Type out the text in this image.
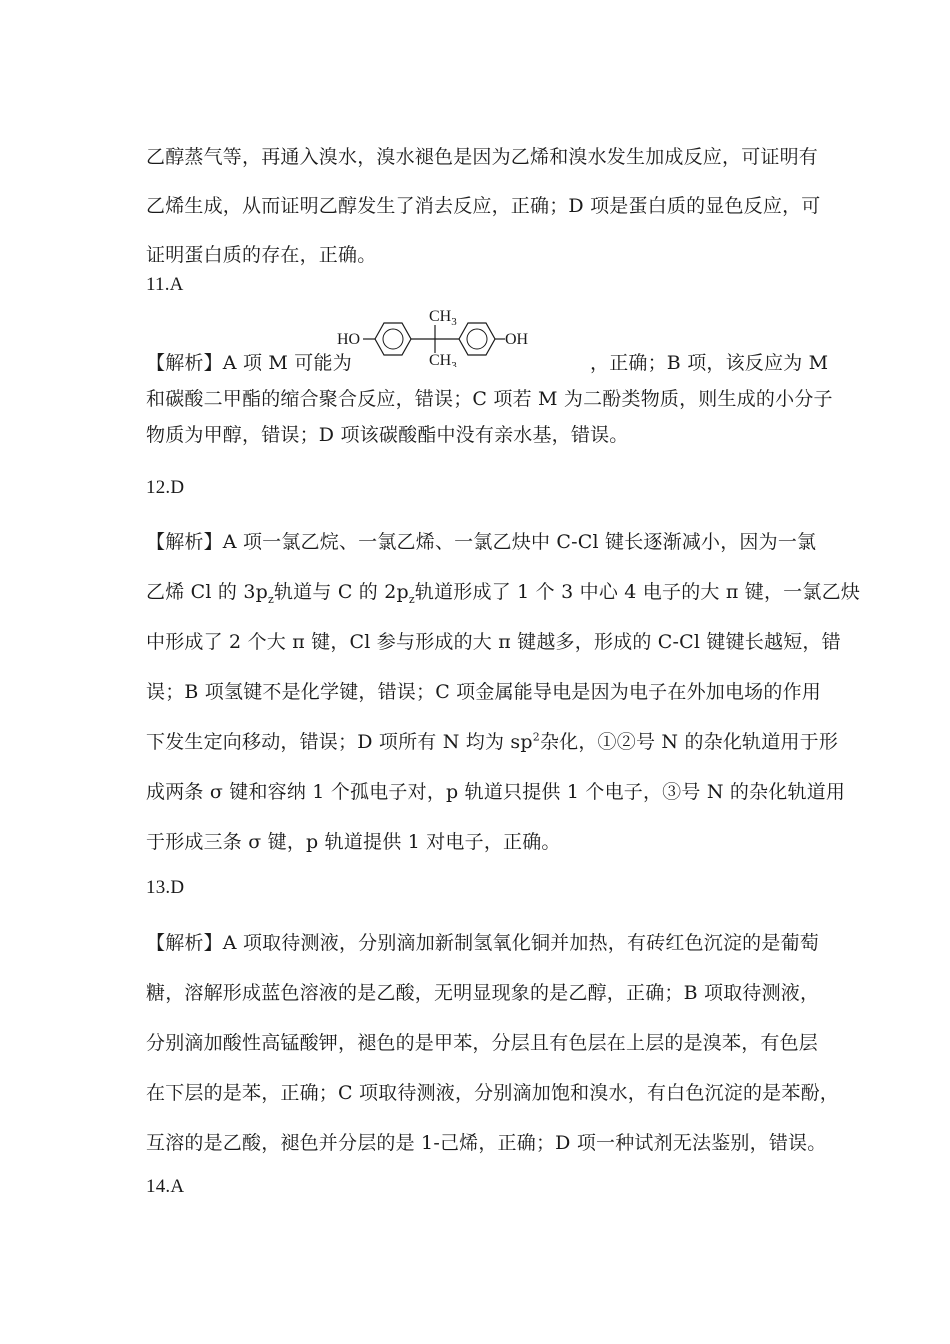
乙醇蒸气等，再通入溴水，溴水褪色是因为乙烯和溴水发生加成反应，可证明有
乙烯生成，从而证明乙醇发生了消去反应，正确；D 项是蛋白质的显色反应，可
证明蛋白质的存在，正确。
11.A
HO
$CH_3$
$CH_3$
OH
【解析】A 项 M 可能为	，正确；B 项，该反应为 M
和碳酸二甲酯的缩合聚合反应，错误；C 项若 M 为二酚类物质，则生成的小分子
物质为甲醇，错误；D 项该碳酸酯中没有亲水基，错误。
12.D
【解析】A 项一氯乙烷、一氯乙烯、一氯乙炔中 C-Cl 键长逐渐减小，因为一氯
乙烯 Cl 的 $3p_z$轨道与 C 的 $2p_z$轨道形成了 1 个 3 中心 4 电子的大 π 键，一氯乙炔
中形成了 2 个大 π 键，Cl 参与形成的大 π 键越多，形成的 C-Cl 键键长越短，错
误；B 项氢键不是化学键，错误；C 项金属能导电是因为电子在外加电场的作用
下发生定向移动，错误；D 项所有 N 均为 $sp^2$杂化，①②号 N 的杂化轨道用于形
成两条 σ 键和容纳 1 个孤电子对，p 轨道只提供 1 个电子，③号 N 的杂化轨道用
于形成三条 σ 键，p 轨道提供 1 对电子，正确。
13.D
【解析】A 项取待测液，分别滴加新制氢氧化铜并加热，有砖红色沉淀的是葡萄
糖，溶解形成蓝色溶液的是乙酸，无明显现象的是乙醇，正确；B 项取待测液，
分别滴加酸性高锰酸钾，褪色的是甲苯，分层且有色层在上层的是溴苯，有色层
在下层的是苯，正确；C 项取待测液，分别滴加饱和溴水，有白色沉淀的是苯酚，
互溶的是乙酸，褪色并分层的是 1-己烯，正确；D 项一种试剂无法鉴别，错误。
14.A
